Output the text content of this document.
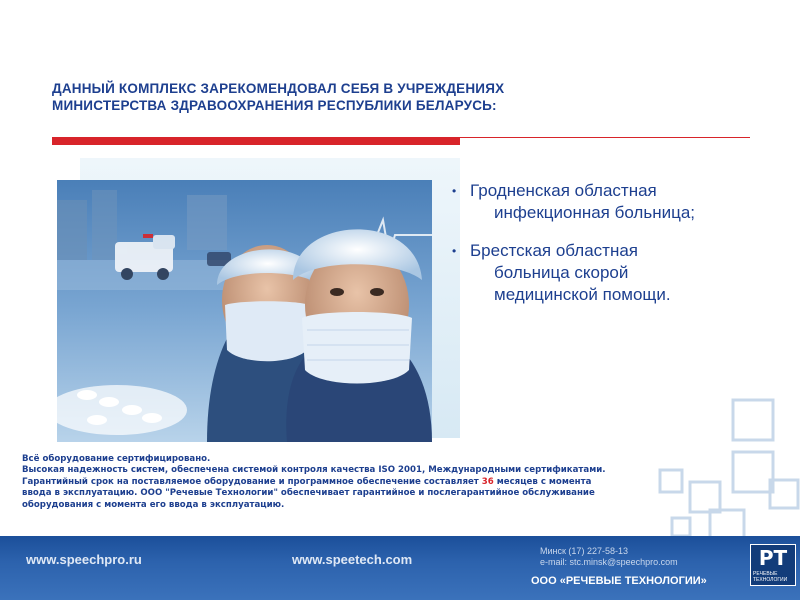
ДАННЫЙ КОМПЛЕКС ЗАРЕКОМЕНДОВАЛ СЕБЯ В УЧРЕЖДЕНИЯХ
МИНИСТЕРСТВА ЗДРАВООХРАНЕНИЯ РЕСПУБЛИКИ БЕЛАРУСЬ:
• Гродненская областная
инфекционная больница;
• Брестская областная
больница скорой
медицинской помощи.
Всё оборудование сертифицировано.
Высокая надежность систем, обеспечена системой контроля качества ISO 2001, Международными сертификатами.
Гарантийный срок на поставляемое оборудование и программное обеспечение составляет 36 месяцев с момента
ввода в эксплуатацию. ООО "Речевые Технологии" обеспечивает гарантийное и послегарантийное обслуживание
оборудования с момента его ввода в эксплуатацию.
www.speechpro.ru	www.speetech.com
Минск (17) 227-58-13
e-mail: stc.minsk@speechpro.com
ООО «РЕЧЕВЫЕ ТЕХНОЛОГИИ»
РТ
РЕЧЕВЫЕ
ТЕХНОЛОГИИ
